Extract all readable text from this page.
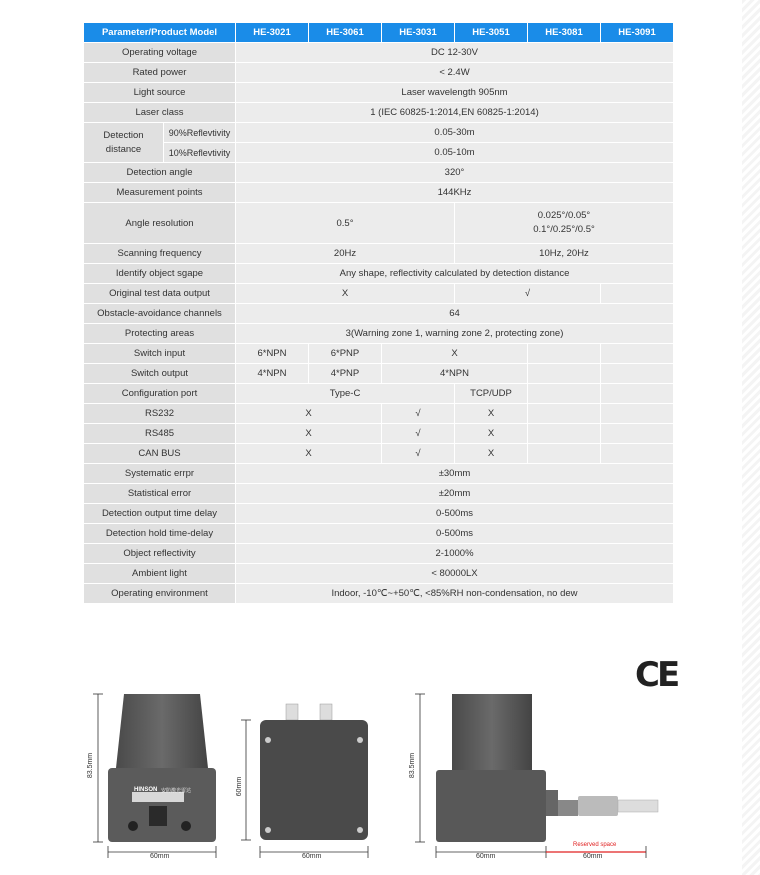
Parameter/Product Model		HE-3021	HE-3061	HE-3031	HE-3051	HE-3081	HE-3091
Operating voltage		DC 12-30V					
Rated power		< 2.4W					
Light source		Laser wavelength 905nm					
Laser class		1 (IEC 60825-1:2014,EN 60825-1:2014)					
Detection distance	90%Reflevtivity	0.05-30m					
	10%Reflevtivity	0.05-10m					
Detection angle		320°					
Measurement points		144KHz					
Angle resolution		0.5°			0.025°/0.05°
0.1°/0.25°/0.5°		

Scanning frequency		20Hz			10Hz, 20Hz		
Identify object sgape		Any shape, reflectivity calculated by detection distance					
Original test data output		X			√		
Obstacle-avoidance channels		64					
Protecting areas		3(Warning zone 1, warning zone 2, protecting zone)					
Switch input		6*NPN	6*PNP	X			
Switch output		4*NPN	4*PNP	4*NPN			
Configuration port		Type-C			TCP/UDP		
RS232		X		√	X		
RS485		X		√	X		
CAN BUS		X		√	X		
Systematic errpr		±30mm					
Statistical error		±20mm					
Detection output time delay		0-500ms					
Detection hold time-delay		0-500ms					
Object reflectivity		2-1000%					
Ambient light		< 80000LX					
Operating environment		Indoor, -10℃~+50℃, <85%RH non-condensation, no dew					
CE
83.5mm
60mm
HINSON 安防激光雷达	60mm
60mm
83.5mm
60mm
Reserved space
60mm
